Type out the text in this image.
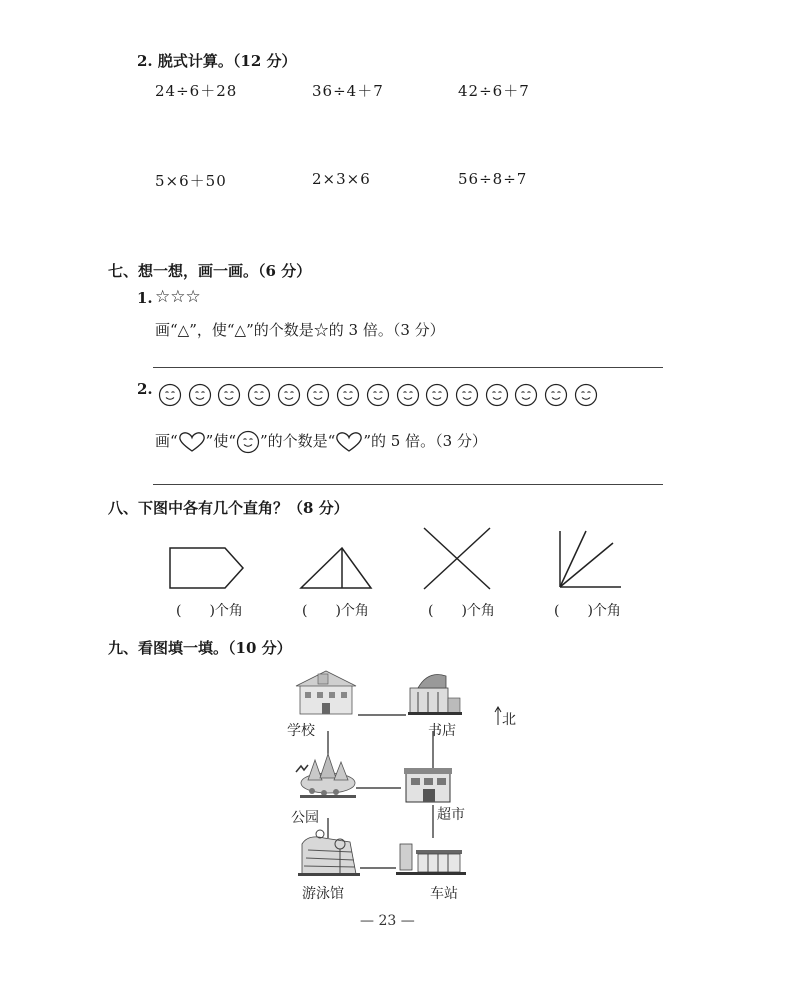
2. 脱式计算。（12 分）
24÷6＋28	36÷4＋7	42÷6＋7
5×6＋50	2×3×6	56÷8÷7
七、想一想，画一画。（6 分）
1. ☆☆☆
画“△”，使“△”的个数是☆的 3 倍。（3 分）
2.
画“ ”使“ ”的个数是“ ”的 5 倍。（3 分）
八、下图中各有几个直角？（8 分）
(　　)个角	(　　)个角	(　　)个角	(　　)个角
九、看图填一填。（10 分）
学校	书店
公园	超市
游泳馆	车站
北
— 23 —
